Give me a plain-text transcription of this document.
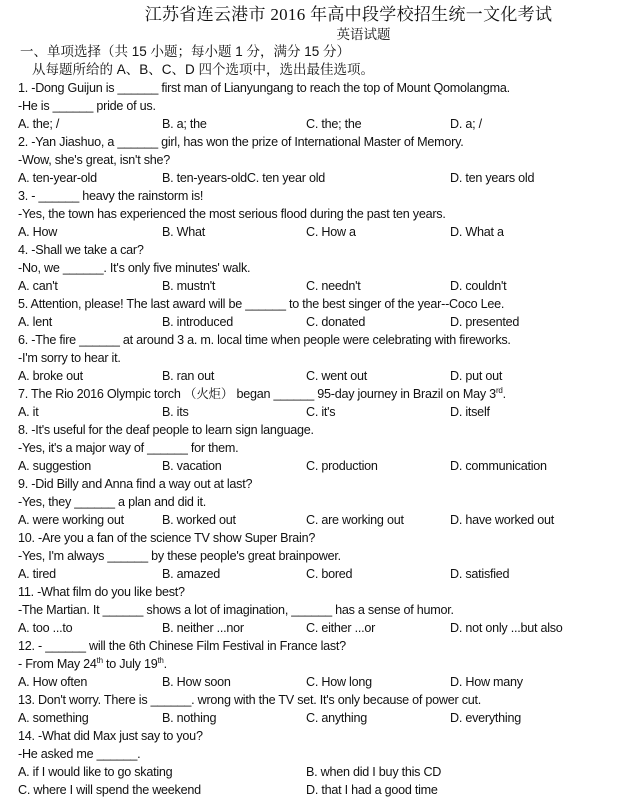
江苏省连云港市 2016 年高中段学校招生统一文化考试
英语试题
一、单项选择（共 15 小题；每小题 1 分，满分 15 分）
从每题所给的 A、B、C、D 四个选项中，选出最佳选项。
1. -Dong Guijun is ______ first man of Lianyungang to reach the top of Mount Qomolangma.
-He is ______ pride of us.
A. the; /	B. a; the	C. the; the	D. a; /
2. -Yan Jiashuo, a ______ girl, has won the prize of International Master of Memory.
-Wow, she's great, isn't she?
A. ten-year-old	B. ten-years-oldC. ten year old	D. ten years old
3. - ______ heavy the rainstorm is!
-Yes, the town has experienced the most serious flood during the past ten years.
A. How	B. What	C. How a	D. What a
4. -Shall we take a car?
-No, we ______. It's only five minutes' walk.
A. can't	B. mustn't	C. needn't	D. couldn't
5. Attention, please! The last award will be ______ to the best singer of the year--Coco Lee.
A. lent	B. introduced	C. donated	D. presented
6. -The fire ______ at around 3 a. m. local time when people were celebrating with fireworks.
-I'm sorry to hear it.
A. broke out	B. ran out	C. went out	D. put out
7. The Rio 2016 Olympic torch （火炬） began ______ 95-day journey in Brazil on May 3rd.
A. it	B. its	C. it's	D. itself
8. -It's useful for the deaf people to learn sign language.
-Yes, it's a major way of ______ for them.
A. suggestion	B. vacation	C. production	D. communication
9. -Did Billy and Anna find a way out at last?
-Yes, they ______ a plan and did it.
A. were working out	B. worked out	C. are working out	D. have worked out
10. -Are you a fan of the science TV show Super Brain?
-Yes, I'm always ______ by these people's great brainpower.
A. tired	B. amazed	C. bored	D. satisfied
11. -What film do you like best?
-The Martian. It ______ shows a lot of imagination, ______ has a sense of humor.
A. too ...to	B. neither ...nor	C. either ...or	D. not only ...but also
12. - ______ will the 6th Chinese Film Festival in France last?
- From May 24th to July 19th.
A. How often	B. How soon	C. How long	D. How many
13. Don't worry. There is ______. wrong with the TV set. It's only because of power cut.
A. something	B. nothing	C. anything	D. everything
14. -What did Max just say to you?
-He asked me ______.
A. if I would like to go skating	B. when did I buy this CD
C. where I will spend the weekend	D. that I had a good time
